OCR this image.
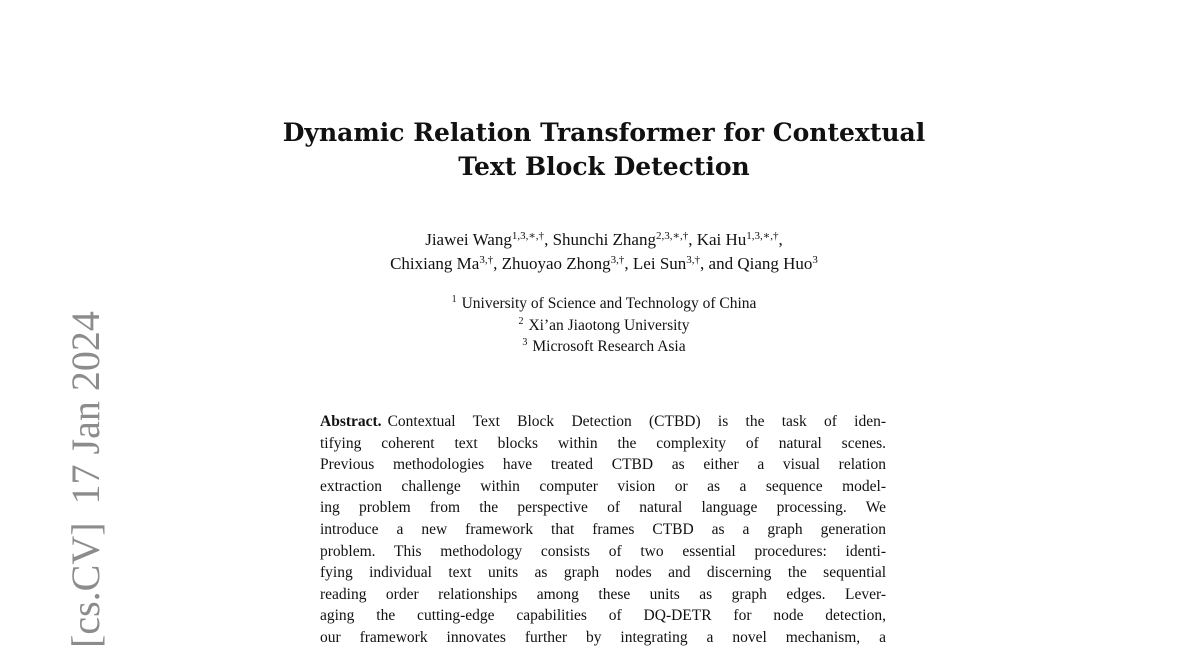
[cs.CV]17 Jan 2024
Dynamic Relation Transformer for Contextual
Text Block Detection
Jiawei Wang$^{1,3,∗,\dagger}$, Shunchi Zhang$^{2,3,∗,\dagger}$, Kai $Hu^{1,3,∗,\dagger}$,
Chixiang $Ma^{3,\dagger}$, Zhuoyao Zhong$^{3,\dagger}$, Lei Sun$^{3,\dagger}$, and Qiang Huo$^3$
$^1$ University of Science and Technology of China
$^2$ Xi’an Jiaotong University
$^3$ Microsoft Research Asia
Abstract. Contextual Text Block Detection (CTBD) is the task of iden-
tifying coherent text blocks within the complexity of natural scenes.
Previous methodologies have treated CTBD as either a visual relation
extraction challenge within computer vision or as a sequence model-
ing problem from the perspective of natural language processing. We
introduce a new framework that frames CTBD as a graph generation
problem. This methodology consists of two essential procedures: identi-
fying individual text units as graph nodes and discerning the sequential
reading order relationships among these units as graph edges. Lever-
aging the cutting-edge capabilities of DQ-DETR for node detection,
our framework innovates further by integrating a novel mechanism, a
